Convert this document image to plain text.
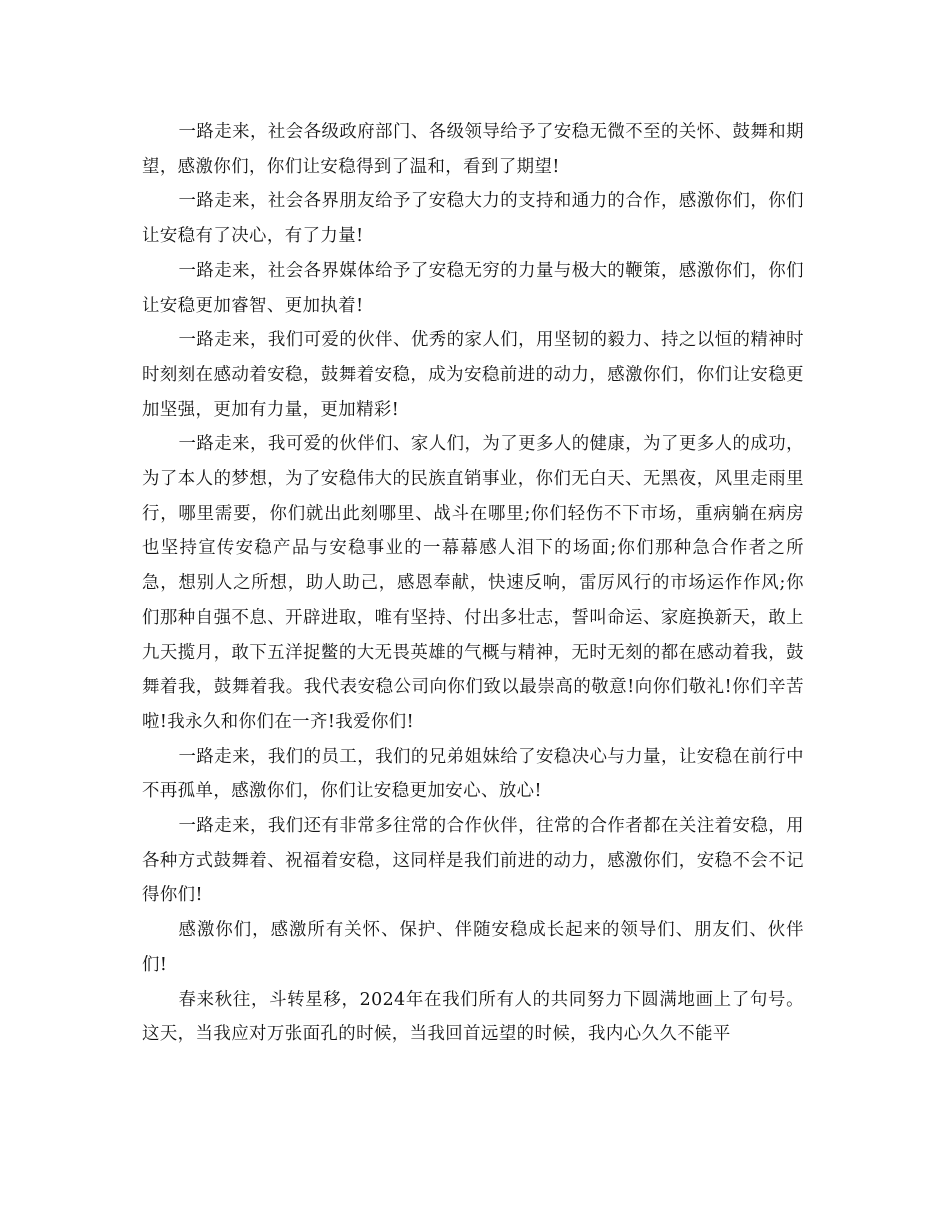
一路走来，社会各级政府部门、各级领导给予了安稳无微不至的关怀、鼓舞和期望，感激你们，你们让安稳得到了温和，看到了期望!

一路走来，社会各界朋友给予了安稳大力的支持和通力的合作，感激你们，你们让安稳有了决心，有了力量!

一路走来，社会各界媒体给予了安稳无穷的力量与极大的鞭策，感激你们，你们让安稳更加睿智、更加执着!

一路走来，我们可爱的伙伴、优秀的家人们，用坚韧的毅力、持之以恒的精神时时刻刻在感动着安稳，鼓舞着安稳，成为安稳前进的动力，感激你们，你们让安稳更加坚强，更加有力量，更加精彩!

一路走来，我可爱的伙伴们、家人们，为了更多人的健康，为了更多人的成功，为了本人的梦想，为了安稳伟大的民族直销事业，你们无白天、无黑夜，风里走雨里行，哪里需要，你们就出此刻哪里、战斗在哪里;你们轻伤不下市场，重病躺在病房也坚持宣传安稳产品与安稳事业的一幕幕感人泪下的场面;你们那种急合作者之所急，想别人之所想，助人助己，感恩奉献，快速反响，雷厉风行的市场运作作风;你们那种自强不息、开辟进取，唯有坚持、付出多壮志，誓叫命运、家庭换新天，敢上九天揽月，敢下五洋捉鳖的大无畏英雄的气概与精神，无时无刻的都在感动着我，鼓舞着我，鼓舞着我。我代表安稳公司向你们致以最崇高的敬意!向你们敬礼!你们辛苦啦!我永久和你们在一齐!我爱你们!

一路走来，我们的员工，我们的兄弟姐妹给了安稳决心与力量，让安稳在前行中不再孤单，感激你们，你们让安稳更加安心、放心!

一路走来，我们还有非常多往常的合作伙伴，往常的合作者都在关注着安稳，用各种方式鼓舞着、祝福着安稳，这同样是我们前进的动力，感激你们，安稳不会不记得你们!

感激你们，感激所有关怀、保护、伴随安稳成长起来的领导们、朋友们、伙伴们!

春来秋往，斗转星移，2024年在我们所有人的共同努力下圆满地画上了句号。这天，当我应对万张面孔的时候，当我回首远望的时候，我内心久久不能平
